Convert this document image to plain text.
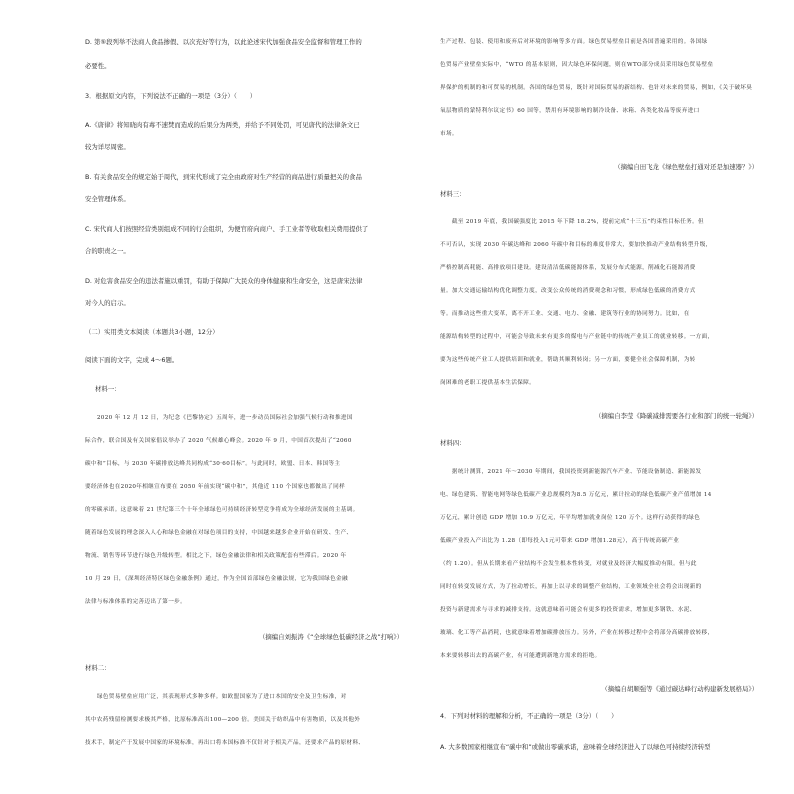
D. 第⑤段列举不法商人食品掺假、以次充好等行为，以此论述宋代加强食品安全监督和管理工作的
必要性。
3．根据原文内容，下列说法不正确的一项是（3分）（　　）
A.《唐律》将知晓肉有毒不速焚而造成的后果分为两类，并给予不同处罚，可见唐代的法律条文已
较为详尽周密。
B. 有关食品安全的规定始于周代，到宋代形成了完全由政府对生产经营的商品进行质量把关的食品
安全管理体系。
C. 宋代商人们按照经营类别组成不同的行会组织，为便官府向商户、手工业者等收取相关费用提供了
合的职责之一。
D. 对危害食品安全的违法者施以重罚，有助于保障广大民众的身体健康和生命安全，这是唐宋法律
对今人的启示。
（二）实用类文本阅读（本题共3小题，12分）
阅读下面的文字，完成 4～6题。
材料一：
　　2020 年 12 月 12 日，为纪念《巴黎协定》五周年，进一步动员国际社会加强气候行动和推进国
际合作，联合国及有关国家倡议举办了 2020 气候雄心峰会。2020 年 9 月，中国首次提出了“2060
碳中和”目标，与 2030 年碳排放达峰共同构成“30·60目标”。与此同时，欧盟、日本、韩国等主
要经济体也在2020年相继宣布要在 2050 年前实现“碳中和”，其他近 110 个国家也都做出了同样
的零碳承诺。这意味着 21 世纪第三个十年全球绿色可持续经济转型竞争将成为全球经济发展的主基调。
随着绿色发展的理念深入人心和绿色金融在对绿色项目的支持，中国越来越多企业开始在研发、生产、
物流、销售等环节进行绿色升级转型。相比之下，绿色金融法律和相关政策配套有些滞后。2020 年
10 月 29 日，《深圳经济特区绿色金融条例》通过，作为全国首部绿色金融法规，它为我国绿色金融
法律与标准体系的完善迈出了第一步。
（摘编自刘振涛《“全球绿色低碳经济之战”打响》）
材料二：
　　绿色贸易壁垒应用广泛，其表现形式多种多样。如欧盟国家为了进口本国的安全及卫生标准，对
其中农药残留检测要求极其严格，比原标准高出100—200 倍。美国关于纺织品中有害物质，以及其他外
技术手，制定产于发展中国家的环境标准，再出口将本国标准不仅针对于相关产品，还要求产品的原材料、
生产过程、包装、使用和废弃后对环境的影响等多方面。绿色贸易壁垒目前是各国普遍采用的。各国绿
色贸易产业壁垒实际中，“WTO 的基本原则，因大绿色环保问题，则在WTO部分成员采用绿色贸易壁垒
界保护的机制的和可贸易的机制。各国的绿色贸易，既针对国际贸易的新结构、也针对未来的贸易，例如，《关于破坏臭
氧层物质的蒙特利尔议定书》60 国等，禁用有环境影响的制冷设备、冰箱、各类化妆品等废弃进口
市场。
（摘编自田飞龙《绿色壁垒打通对还是加速器？》）
材料三：
　　截至 2019 年底，我国碳强度比 2015 年下降 18.2%，提前完成“十三五”约束性目标任务。但
不可否认，实现 2030 年碳达峰和 2060 年碳中和目标的难度非常大，要加快推动产业结构转型升级，
严格控制高耗能、高排放项目建设。建设清洁低碳能源体系，发展分布式能源，削减化石能源消费
量。加大交通运输结构优化调整力度，改变公众传统的消费观念和习惯，形成绿色低碳的消费方式
等。而推动这些重大变革，离不开工业、交通、电力、金融、建筑等行业的协同努力。比如，在
能源结构转型的过程中，可能会导致未来有更多的煤电与产业链中的传统产业员工的就业转移。一方面，
要为这些传统产业工人提供培训和就业，帮助其顺利转岗；另一方面，要健全社会保障机制，为转
岗困难的老职工提供基本生活保障。
（摘编自李莹《降碳减排需要各行业和部门的统一轮绳》）
材料四：
　　据统计测算，2021 年～2030 年期间，我国投资到新能源汽车产业、节能设备制造、新能源发
电、绿色建筑、智能电网等绿色低碳产业总规模约为8.5 万亿元，累计拉动的绿色低碳产业产值增加 14
万亿元，累计创造 GDP 增加 10.9 万亿元，年平均增加就业岗位 120 万个。这样行动获得的绿色
低碳产业投入产出比为 1.28（即每投入1元可带来 GDP 增加1.28元），高于传统高碳产业
（约 1.20）。但从长期来看产业结构不会发生根本性转变，对就业及经济大幅度推动有限。但与此
同时在转变发展方式，为了拉动增长，再加上以寻求的调整产业结构，工业领域全社会将会出现新的
投资与新建需求与寻求的减排支持。这就意味着可能会有更多的投资需求，增加更多钢铁、水泥、
玻璃、化工等产品消耗，也就意味着增加碳排放压力。另外，产业在转移过程中会将部分高碳排放转移，
本来要转移出去的高碳产业，有可能遭到新地方需求的拒绝。
（摘编自胡顺强等《通过碳达峰行动构建新发展格局》）
4．下列对材料的理解和分析，不正确的一项是（3分）（　　）
A. 大多数国家相继宣布“碳中和”或做出零碳承诺，意味着全球经济进入了以绿色可持续经济转型
